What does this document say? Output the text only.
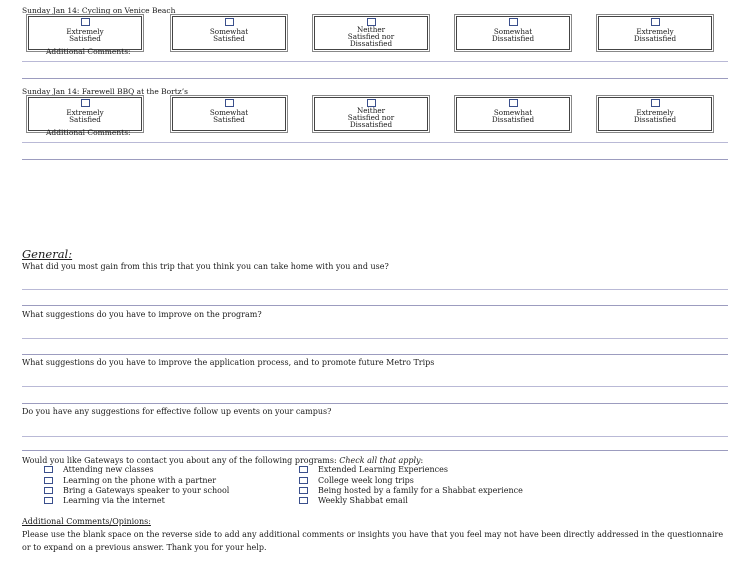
Sunday Jan 14: Cycling on Venice Beach
Extremely
Satisfied
Somewhat
Satisfied
Neither
Satisfied nor
Dissatisfied
Somewhat
Dissatisfied
Extremely
Dissatisfied
Additional Comments:
Sunday Jan 14: Farewell BBQ at the Bortz’s
Extremely
Satisfied
Somewhat
Satisfied
Neither
Satisfied nor
Dissatisfied
Somewhat
Dissatisfied
Extremely
Dissatisfied
Additional Comments:
General:
What did you most gain from this trip that you think you can take home with you and use?
What suggestions do you have to improve on the program?
What suggestions do you have to improve the application process, and to promote future Metro Trips
Do you have any suggestions for effective follow up events on your campus?
Would you like Gateways to contact you about any of the following programs: Check all that apply:
Attending new classes
Learning on the phone with a partner
Bring a Gateways speaker to your school
Learning via the internet
Extended Learning Experiences
College week long trips
Being hosted by a family for a Shabbat experience
Weekly Shabbat email
Additional Comments/Opinions:
Please use the blank space on the reverse side to add any additional comments or insights you have that you feel may not have been directly addressed in the questionnaire or to expand on a previous answer. Thank you for your help.
